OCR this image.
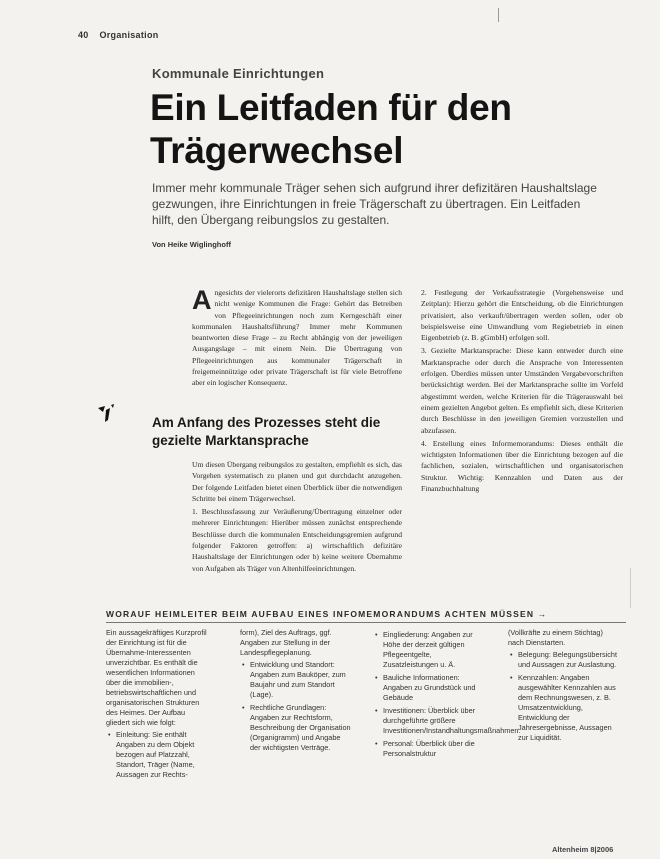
40 Organisation
Kommunale Einrichtungen
Ein Leitfaden für den Trägerwechsel
Immer mehr kommunale Träger sehen sich aufgrund ihrer defizitären Haushaltslage gezwungen, ihre Einrichtungen in freie Trägerschaft zu übertragen. Ein Leitfaden hilft, den Übergang reibungslos zu gestalten.
Von Heike Wiglinghoff
A ngesichts der vielerorts defizitären Haushaltslage stellen sich nicht wenige Kommunen die Frage: Gehört das Betreiben von Pflegeeinrichtungen noch zum Kerngeschäft einer kommunalen Haushaltsführung? Immer mehr Kommunen beantworten diese Frage – zu Recht abhängig von der jeweiligen Ausgangslage – mit einem Nein. Die Übertragung von Pflegeeinrichtungen aus kommunaler Trägerschaft in freigemeinnützige oder private Trägerschaft ist für viele Betroffene aber ein logischer Konsequenz.
Am Anfang des Prozesses steht die gezielte Marktansprache

Um diesen Übergang reibungslos zu gestalten, empfiehlt es sich, das Vorgehen systematisch zu planen und gut durchdacht anzugehen. Der folgende Leitfaden bietet einen Überblick über die notwendigen Schritte bei einem Trägerwechsel.

1. Beschlussfassung zur Veräußerung/Übertragung einzelner oder mehrerer Einrichtungen: Hierüber müssen zunächst entsprechende Beschlüsse durch die kommunalen Entscheidungsgremien aufgrund folgender Faktoren getroffen: a) wirtschaftlich defizitäre Haushaltslage der Einrichtungen oder b) keine weitere Übernahme von Aufgaben als Träger von Altenhilfeeinrichtungen.

2. Festlegung der Verkaufsstrategie (Vorgehensweise und Zeitplan): Hierzu gehört die Entscheidung, ob die Einrichtungen privatisiert, also verkauft/übertragen werden sollen, oder ob beispielsweise eine Umwandlung vom Regiebetrieb in einen Eigenbetrieb (z. B. gGmbH) erfolgen soll.

3. Gezielte Marktansprache: Diese kann entweder durch eine Marktansprache oder durch die Ansprache von Interessenten erfolgen. Überdies müssen unter Umständen Vergabevorschriften berücksichtigt werden. Bei der Marktansprache sollte im Vorfeld abgestimmt werden, welche Kriterien für die Trägerauswahl bei einem gezielten Angebot gelten. Es empfiehlt sich, diese Kriterien durch Beschlüsse in den jeweiligen Gremien vorzustellen und abzufassen.

4. Erstellung eines Informemorandums: Dieses enthält die wichtigsten Informationen über die Einrichtung bezogen auf die fachlichen, sozialen, wirtschaftlichen und organisatorischen Struktur. Wichtig: Kennzahlen und Daten aus der Finanzbuchhaltung

WORAUF HEIMLEITER BEIM AUFBAU EINES INFOMEMORANDUMS ACHTEN MÜSSEN →

Ein aussagekräftiges Kurzprofil der Einrichtung ist für die Übernahme-Interessenten unverzichtbar. Es enthält die wesentlichen Informationen über die immobilien-, betriebswirtschaftlichen und organisatorischen Strukturen des Heimes. Der Aufbau gliedert sich wie folgt:

• Einleitung: Sie enthält Angaben zu dem Objekt bezogen auf Platzzahl, Standort, Träger (Name, Aussagen zur Rechts-

form), Ziel des Auftrags, ggf. Angaben zur Stellung in der Landespflegeplanung.

• Entwicklung und Standort: Angaben zum Bauköper, zum Baujahr und zum Standort (Lage).
• Rechtliche Grundlagen: Angaben zur Rechtsform, Beschreibung der Organisation (Organigramm) und Angabe der wichtigsten Verträge.
• Eingliederung: Angaben zur Höhe der derzeit gültigen Pflegeentgelte, Zusatzleistungen u. Ä.
• Bauliche Informationen: Angaben zu Grundstück und Gebäude
• Investitionen: Überblick über durchgeführte größere Investitionen/Instandhaltungsmaßnahmen.
• Personal: Überblick über die Personalstruktur

(Vollkräfte zu einem Stichtag) nach Dienstarten.

• Belegung: Belegungsübersicht und Aussagen zur Auslastung.
• Kennzahlen: Angaben ausgewählter Kennzahlen aus dem Rechnungswesen, z. B. Umsatzentwicklung, Entwicklung der Jahresergebnisse, Aussagen zur Liquidität.
Altenheim 8|2006
